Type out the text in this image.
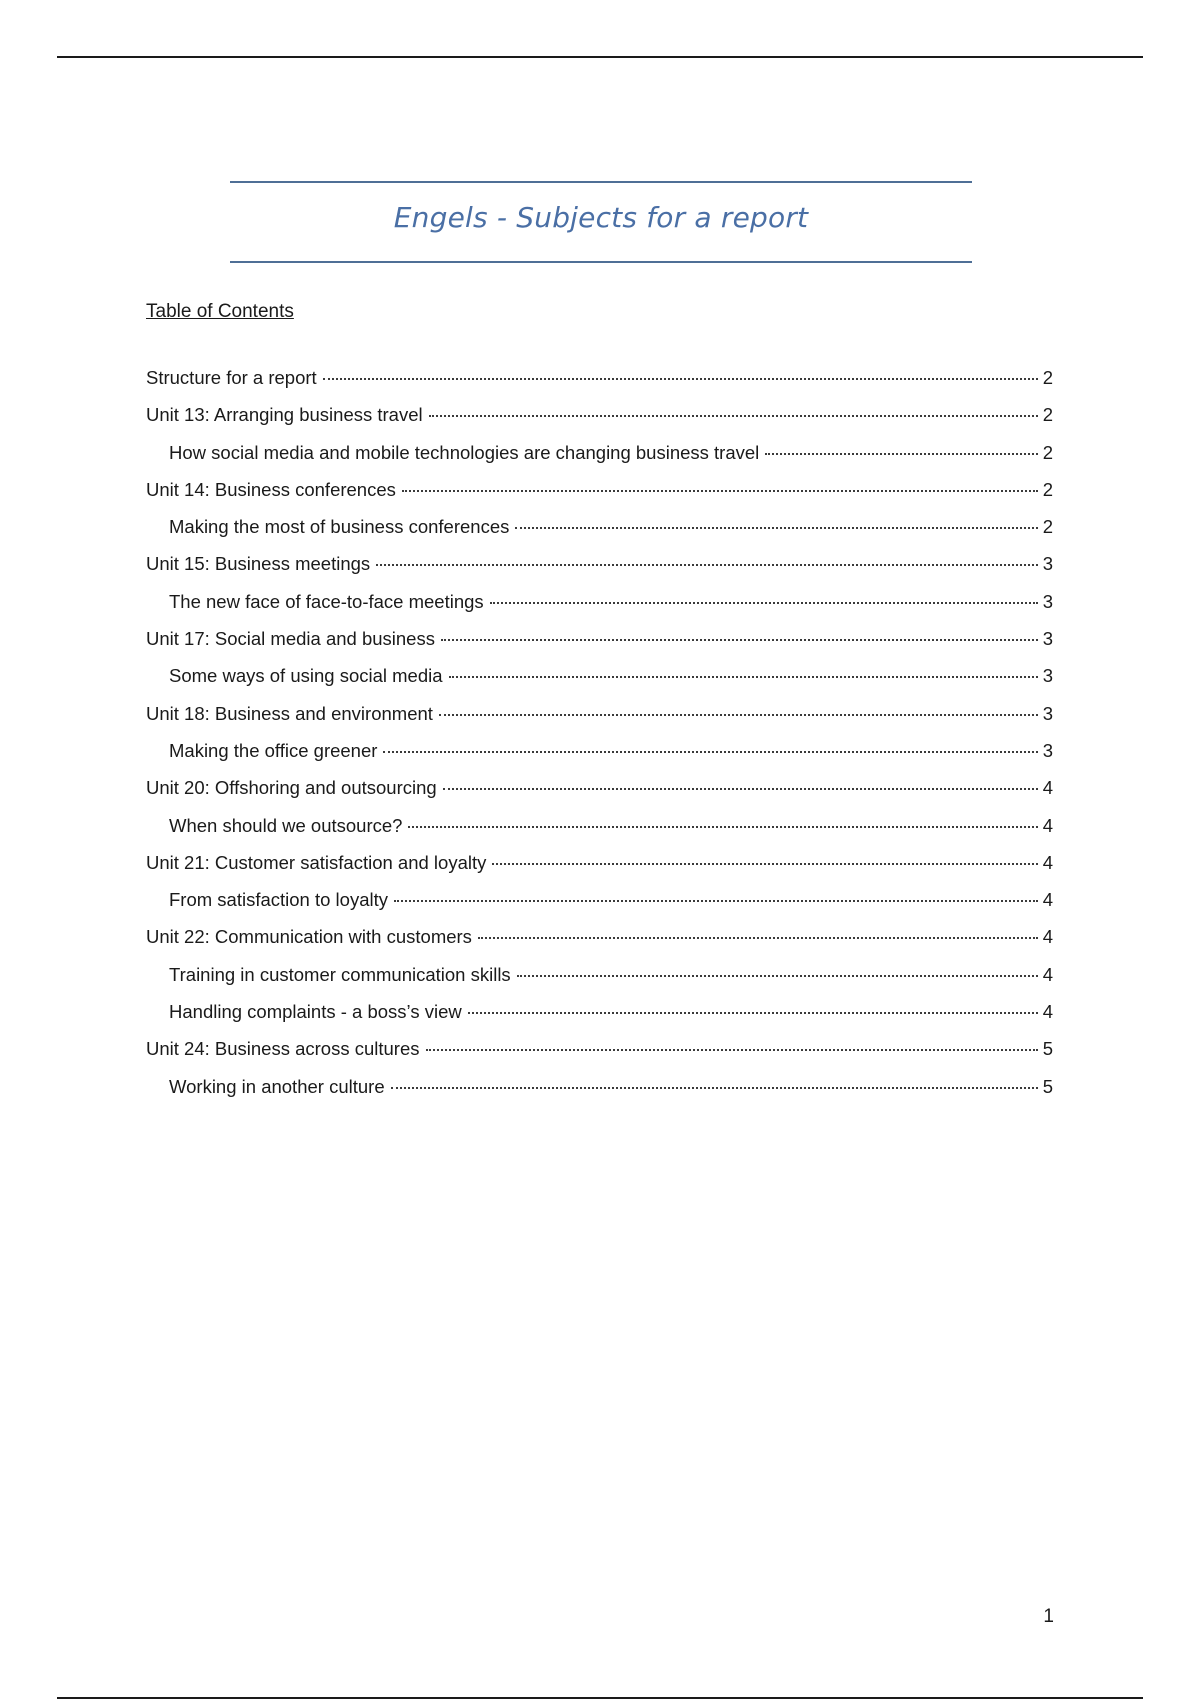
Engels - Subjects for a report
Table of Contents
Structure for a report	2
Unit 13: Arranging business travel	2
How social media and mobile technologies are changing business travel	2
Unit 14: Business conferences	2
Making the most of business conferences	2
Unit 15: Business meetings	3
The new face of face-to-face meetings	3
Unit 17: Social media and business	3
Some ways of using social media	3
Unit 18: Business and environment	3
Making the office greener	3
Unit 20: Offshoring and outsourcing	4
When should we outsource?	4
Unit 21: Customer satisfaction and loyalty	4
From satisfaction to loyalty	4
Unit 22: Communication with customers	4
Training in customer communication skills	4
Handling complaints - a boss’s view	4
Unit 24: Business across cultures	5
Working in another culture	5
1
